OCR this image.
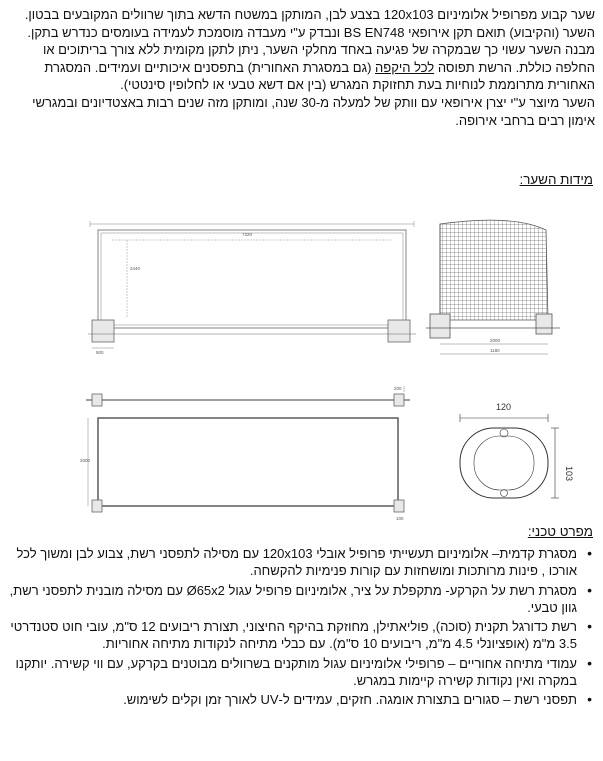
שער קבוע מפרופיל אלומיניום 120x103 בצבע לבן, המותקן במשטח הדשא בתוך שרוולים המקובעים בבטון. השער (והקיבוע) תואם תקן אירופאי BS EN748 ונבדק ע"י מעבדה מוסמכת לעמידה בעומסים כנדרש בתקן. מבנה השער עשוי כך שבמקרה של פגיעה באחד מחלקי השער, ניתן לתקן מקומית ללא צורך בריתוכים או החלפה כוללת. הרשת תפוסה לכל היקפה (גם במסגרת האחורית) בתפסנים איכותיים ועמידים. המסגרת האחורית מתרוממת לנוחיות בעת תחזוקת המגרש (בין אם דשא טבעי או לחלופין סינטטי).

השער מיוצר ע"י יצרן אירופאי עם וותק של למעלה מ-30 שנה, ומותקן מזה שנים רבות באצטדיונים ובמגרשי אימון רבים ברחבי אירופה.

מידות השער:
7320
2440
500
2000
1180
200
2000
100
120
103
מפרט טכני:
• מסגרת קדמית– אלומיניום תעשייתי פרופיל אובלי 120x103 עם מסילה לתפסני רשת, צבוע לבן ומשוך לכל אורכו , פינות מרותכות ומושחזות עם קורות פנימיות להקשחה.
• מסגרת רשת על הקרקע- מתקפלת על ציר, אלומיניום פרופיל עגול Ø65x2 עם מסילה מובנית לתפסני רשת, גוון טבעי.
• רשת כדורגל תקנית (סוכה), פוליאתילן, מחוזקת בהיקף החיצוני, תצורת ריבועים 12 ס"מ, עובי חוט סטנדרטי 3.5 מ"מ (אופציונלי 4.5 מ"מ, ריבועים 10 ס"מ). עם כבלי מתיחה לנקודות מתיחה אחוריות.
• עמודי מתיחה אחוריים – פרופילי אלומיניום עגול מותקנים בשרוולים מבוטנים בקרקע, עם ווי קשירה. יותקנו במקרה ואין נקודות קשירה קיימות במגרש.
• תפסני רשת – סגורים בתצורת אומגה. חזקים, עמידים ל-UV לאורך זמן וקלים לשימוש.
